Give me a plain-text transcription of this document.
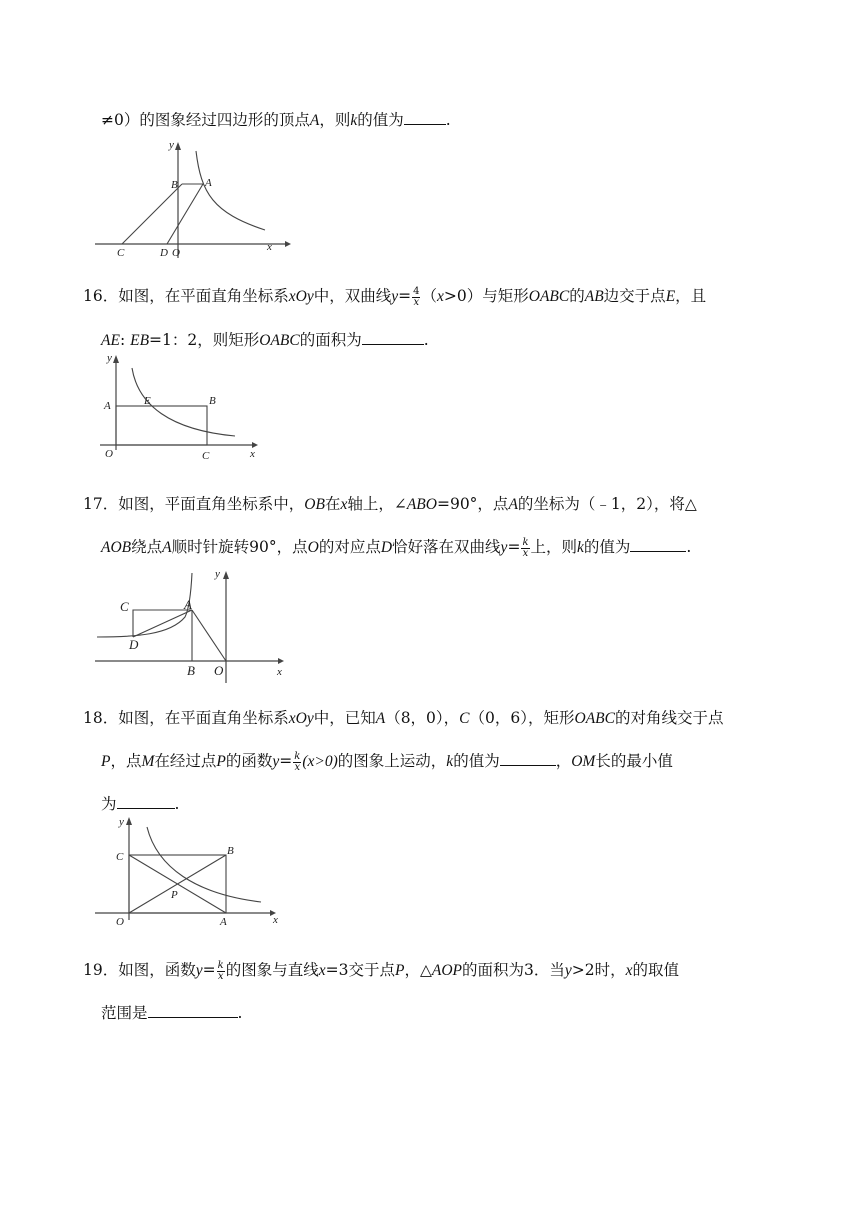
≠0）的图象经过四边形的顶点A，则k的值为	.
x
y
B A
C	D O
16．如图，在平面直角坐标系xOy中，双曲线$y= \frac{4}{x} (x>0)$与矩形OABC的AB边交于点E，且
AE: EB=1：2，则矩形OABC的面积为	.
y
x
A	E	B
O	C
17．如图，平面直角坐标系中，OB在x轴上，∠ABO=90°，点A的坐标为（﹣1，2），将△
AOB绕点A顺时针旋转90°，点O的对应点D恰好落在双曲线$y= \frac{k}{x}$ 上，则k的值为	.
C	A
D
B O	x
y
18．如图，在平面直角坐标系xOy中，已知A（8，0），C（0，6），矩形OABC的对角线交于点
P，点M在经过点P的函数$y= \frac{k}{x} (x>0)$的图象上运动，k的值为	，OM长的最小值
为	.
y
C	B
P
O	A	x
19．如图，函数$y= \frac{k}{x}$ 的图象与直线x=3交于点P，△AOP的面积为3．当y>2时，x的取值
范围是	.
